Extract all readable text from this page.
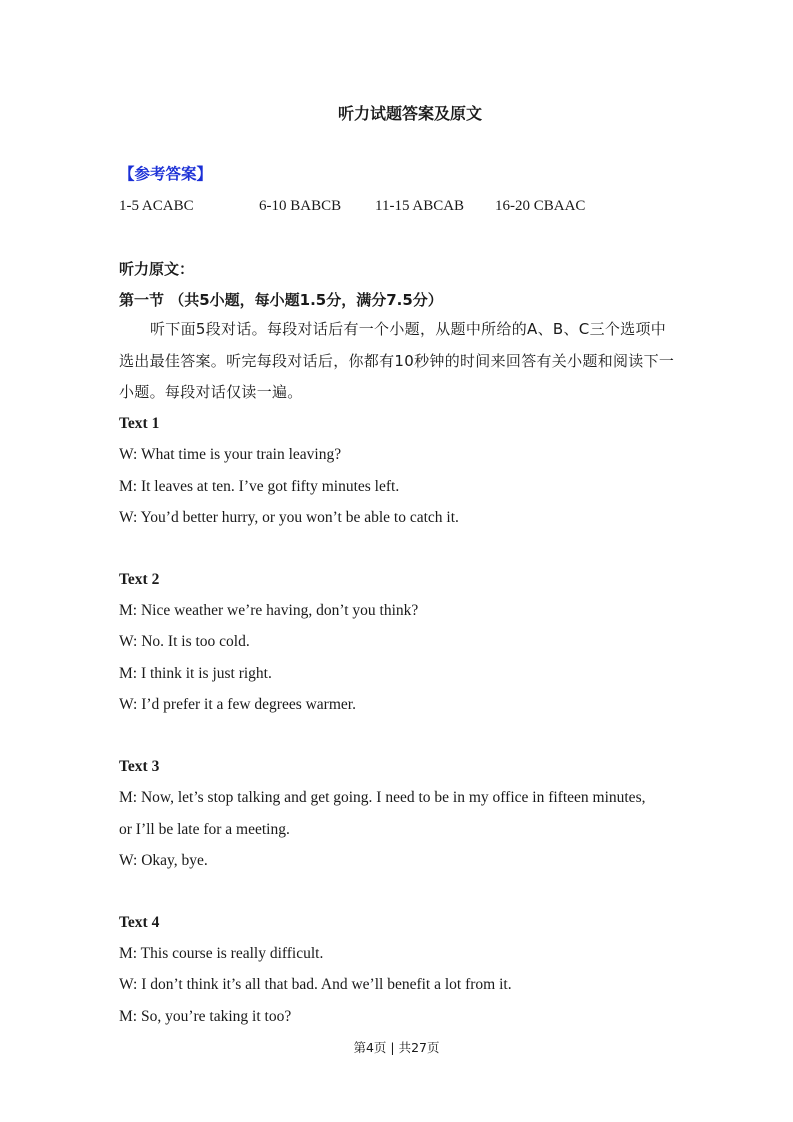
听力试题答案及原文
【参考答案】
1-5 ACABC	6-10 BABCB 11-15 ABCAB 16-20 CBAAC
听力原文：
第一节 （共5小题，每小题1.5分，满分7.5分）
听下面5段对话。每段对话后有一个小题，从题中所给的A、B、C三个选项中选出最佳答案。听完每段对话后，你都有10秒钟的时间来回答有关小题和阅读下一小题。每段对话仅读一遍。
Text 1
W: What time is your train leaving?
M: It leaves at ten. I’ve got fifty minutes left.
W: You’d better hurry, or you won’t be able to catch it.
Text 2
M: Nice weather we’re having, don’t you think?
W: No. It is too cold.
M: I think it is just right.
W: I’d prefer it a few degrees warmer.
Text 3
M: Now, let’s stop talking and get going. I need to be in my office in fifteen minutes,
or I’ll be late for a meeting.
W: Okay, bye.
Text 4
M: This course is really difficult.
W: I don’t think it’s all that bad. And we’ll benefit a lot from it.
M: So, you’re taking it too?
第4页 | 共27页
